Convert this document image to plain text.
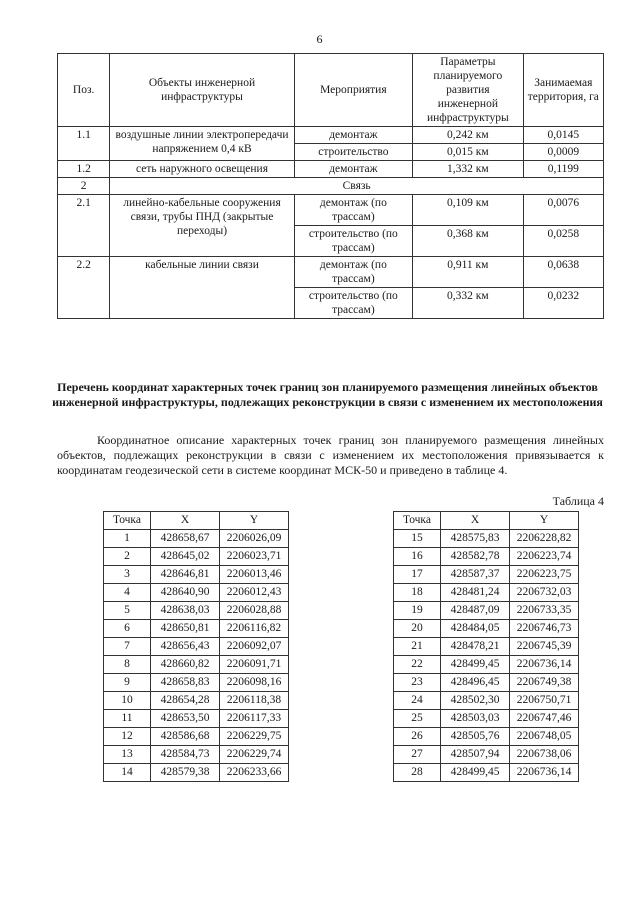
6
Поз.	Объекты инженерной инфраструктуры	Мероприятия	Параметры планируемого развития инженерной инфраструктуры	Занимаемая территория, га
1.1	воздушные линии электропередачи напряжением 0,4 кВ	демонтаж	0,242 км	0,0145
		строительство	0,015 км	0,0009
1.2	сеть наружного освещения	демонтаж	1,332 км	0,1199
2	Связь			
2.1	линейно-кабельные сооружения связи, трубы ПНД (закрытые переходы)	демонтаж (по трассам)	0,109 км	0,0076
		строительство (по трассам)	0,368 км	0,0258
2.2	кабельные линии связи	демонтаж (по трассам)	0,911 км	0,0638
		строительство (по трассам)	0,332 км	0,0232
Перечень координат характерных точек границ зон планируемого размещения линейных объектов инженерной инфраструктуры, подлежащих реконструкции в связи с изменением их местоположения
Координатное описание характерных точек границ зон планируемого размещения линейных объектов, подлежащих реконструкции в связи с изменением их местоположения привязывается к координатам геодезической сети в системе координат МСК-50 и приведено в таблице 4.
Таблица 4
Точка	X	Y
1	428658,67	2206026,09
2	428645,02	2206023,71
3	428646,81	2206013,46
4	428640,90	2206012,43
5	428638,03	2206028,88
6	428650,81	2206116,82
7	428656,43	2206092,07
8	428660,82	2206091,71
9	428658,83	2206098,16
10	428654,28	2206118,38
11	428653,50	2206117,33
12	428586,68	2206229,75
13	428584,73	2206229,74
14	428579,38	2206233,66
Точка	X	Y
15	428575,83	2206228,82
16	428582,78	2206223,74
17	428587,37	2206223,75
18	428481,24	2206732,03
19	428487,09	2206733,35
20	428484,05	2206746,73
21	428478,21	2206745,39
22	428499,45	2206736,14
23	428496,45	2206749,38
24	428502,30	2206750,71
25	428503,03	2206747,46
26	428505,76	2206748,05
27	428507,94	2206738,06
28	428499,45	2206736,14
